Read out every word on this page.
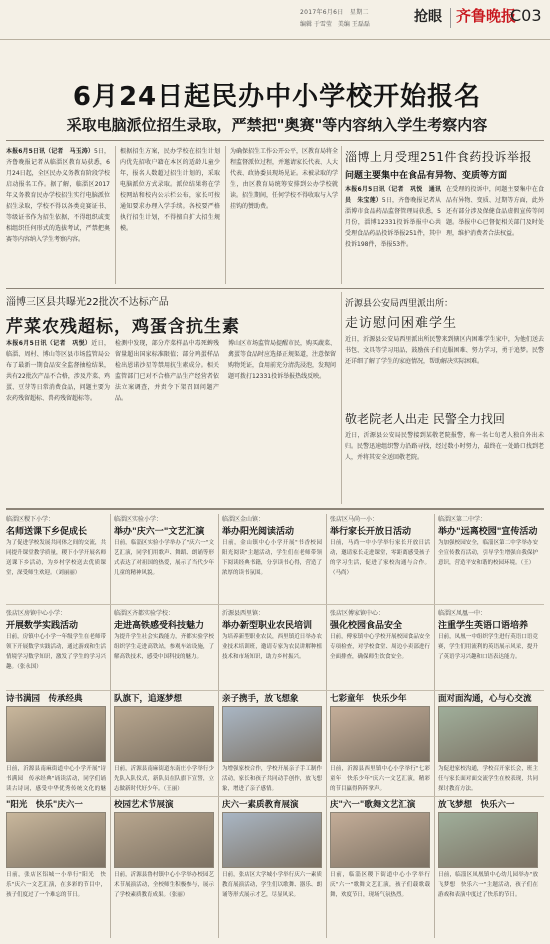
2017年6月6日　星期二
编辑 于雪莹　美编 王磊磊	抢眼 齐鲁晚报
C03
6月24日起民办中小学校开始报名
采取电脑派位招生录取，严禁把"奥赛"等内容纳入学生考察内容
本报6月5日讯（记者　马玉涛）5日，齐鲁晚报记者从临淄区教育局获悉，6月24日起，全区民办义务教育阶段学校启动报名工作。据了解，临淄区2017年义务教育民办学校招生实行电脑派位招生录取，学校不得以各类竞赛证书、等级证书作为招生依据，不得组织或变相组织任何形式的选拔考试，严禁把奥赛等内容纳入学生考察内容。
根据招生方案，民办学校在招生计划内优先招收户籍在本区的适龄儿童少年，报名人数超过招生计划的，采取电脑派位方式录取。派位结果将在学校网站和校内公示栏公布，家长可按通知要求办理入学手续。各校要严格执行招生计划，不得擅自扩大招生规模。
为确保招生工作公开公平，区教育局将全程监督派位过程，并邀请家长代表、人大代表、政协委员现场见证。未被录取的学生，由区教育局统筹安排到公办学校就读。招生期间，任何学校不得收取与入学挂钩的赞助费。
淄博上月受理251件食药投诉举报
问题主要集中在食品有异物、变质等方面
本报6月5日讯（记者　巩悦　通讯员　朱宝莲）5日，齐鲁晚报记者从淄博市食品药品监督管理局获悉，5月份，淄博12331投诉举报中心共受理食品药品投诉举报251件，其中投诉198件，举报53件。
在受理的投诉中，问题主要集中在食品有异物、变质、过期等方面，此外还有部分涉及保健食品虚假宣传等问题。举报中心已督促相关部门及时处理，维护消费者合法权益。
淄博三区县共曝光22批次不达标产品
芹菜农残超标，鸡蛋含抗生素
本报6月5日讯（记者　巩悦）近日，临淄、周村、博山等区县市场监管局公布了最新一期食品安全监督抽检结果，共有22批次产品不合格，涉及芹菜、鸡蛋、豆芽等日常消费食品，问题主要为农药残留超标、兽药残留超标等。
检测中发现，部分芹菜样品中毒死蜱残留量超出国家标准限值；部分鸡蛋样品检出恩诺沙星等禁用抗生素成分。相关监管部门已对不合格产品生产经营者依法立案调查，并责令下架召回问题产品。
博山区市场监管局提醒市民，购买蔬菜、禽蛋等食品时应选择正规渠道，注意保留购物凭证，食用前充分清洗浸泡，发现问题可拨打12331投诉举报热线反映。
沂源县公安局西里派出所：
走访慰问困难学生
近日，沂源县公安局西里派出所民警来到辖区内困难学生家中，为他们送去书包、文具等学习用品，鼓励孩子们克服困难、努力学习，勇于追梦。民警还详细了解了学生的家庭情况，帮助解决实际困难。
敬老院老人出走 民警全力找回
近日，沂源县公安局民警接到某敬老院报警，称一名七旬老人独自外出未归。民警迅速组织警力沿路寻找，经过数小时努力，最终在一处路口找到老人，并将其安全送回敬老院。
临淄区稷下小学：
名师送课下乡促成长
为了促进学校发展共同体之间的交流，共同提升课堂教学质量，稷下小学开展名师送课下乡活动，为乡村学校送去优质课堂，深受师生欢迎。（刘丽丽）
临淄区实验小学：
举办"庆六一"文艺汇演
日前，临淄区实验小学举办了"庆六一"文艺汇演，同学们用歌声、舞蹈、朗诵等形式表达了对祖国的热爱，展示了当代少年儿童的精神风貌。
临淄区金山镇：
举办阳光阅读活动
日前，金山镇中心小学开展"书香校园　阳光阅读"主题活动，学生们在老师带领下阅读经典书籍，分享读书心得，营造了浓厚的读书氛围。
张店区马尚一小：
举行家长开放日活动
日前，马尚一中小学举行家长开放日活动，邀请家长走进课堂，零距离感受孩子的学习生活，促进了家校沟通与合作。（马尚）
临淄区第二中学：
举办"远离校园"宣传活动
为加强校园安全，临淄区第二中学举办安全宣传教育活动，引导学生增强自我保护意识，营造平安和谐的校园环境。（王）
张店区房镇中心小学：
开展数学实践活动
日前，房镇中心小学一年级学生在老师带领下开展数学实践活动，通过游戏和生活情境学习数学知识，激发了学生的学习兴趣。（张永国）
临淄区齐都实验学校：
走进高铁感受科技魅力
为提升学生社会实践能力，齐都实验学校组织学生走进高铁站，参观车站设施，了解高铁技术，感受中国科技的魅力。
沂源县西里镇：
举办新型职业农民培训
为培养新型职业农民，西里镇近日举办农业技术培训班，邀请专家为农民讲解种植技术和市场知识，助力乡村振兴。
张店区傅家镇中心：
强化校园食品安全
日前，傅家镇中心学校开展校园食品安全专项检查，对学校食堂、周边小卖部进行全面排查，确保师生饮食安全。
临淄区凤凰一中：
注重学生英语口语培养
日前，凤凰一中组织学生进行英语口语竞赛，学生们用流利的英语展示风采，提升了英语学习兴趣和口语表达能力。
诗书满园　传承经典
日前，沂源县南麻街道中心小学开展"诗书满园　传承经典"诵读活动，同学们诵读古诗词，感受中华优秀传统文化的魅
队旗下，追逐梦想
日前，沂源县南麻街道东南庄小学举行少先队入队仪式，新队员在队旗下宣誓，立志做新时代好少年。（王丽）
亲子携手，放飞想象
为增强家校合作，学校开展亲子手工制作活动，家长和孩子共同动手创作，放飞想象，增进了亲子感情。
七彩童年　快乐少年
日前，沂源县西里镇中心小学举行"七彩童年　快乐少年"庆六一文艺汇演，精彩的节目赢得阵阵掌声。
面对面沟通，心与心交流
为促进家校沟通，学校召开家长会，班主任与家长面对面交流学生在校表现，共同探讨教育方法。
"阳光　快乐"庆六一
日前，张店区铝城一小举行"阳光　快乐"庆六一文艺汇演，在多彩的节目中，孩子们度过了一个难忘的节日。
校园艺术节展演
日前，沂源县鲁村镇中心小学举办校园艺术节展演活动，全校师生积极参与，展示了学校素质教育成果。（张丽）
庆六一素质教育展演
日前，张店区大学城小学举行庆六一素质教育展演活动，学生们以歌舞、器乐、朗诵等形式展示才艺，尽显风采。
庆"六一"歌舞文艺汇演
日前，临淄区稷下街道中心小学举行庆"六一"歌舞文艺汇演，孩子们载歌载舞，欢度节日，现场气氛热烈。
放飞梦想　快乐六一
日前，临淄区凤凰镇中心幼儿园举办"放飞梦想　快乐六一"主题活动，孩子们在游戏和表演中度过了快乐的节日。
